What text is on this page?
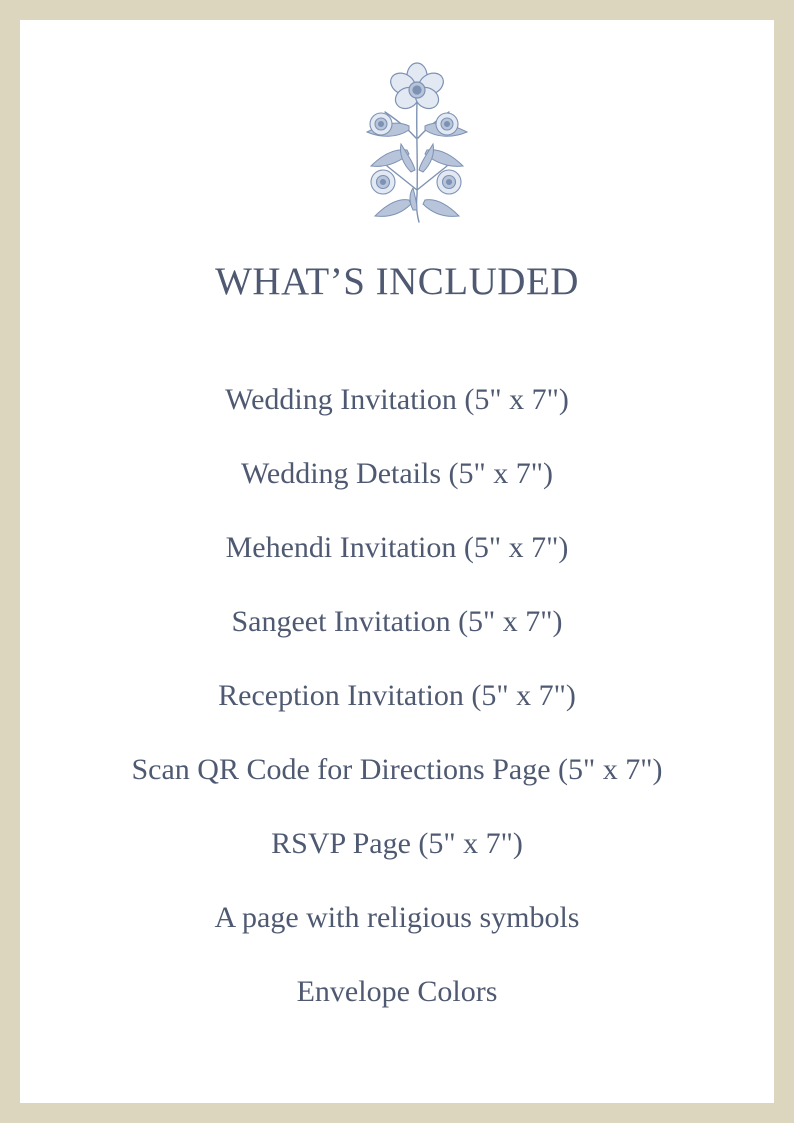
WHAT’S INCLUDED
Wedding Invitation (5" x 7")
Wedding Details (5" x 7")
Mehendi Invitation (5" x 7")
Sangeet Invitation (5" x 7")
Reception Invitation (5" x 7")
Scan QR Code for Directions Page (5" x 7")
RSVP Page (5" x 7")
A page with religious symbols
Envelope Colors
